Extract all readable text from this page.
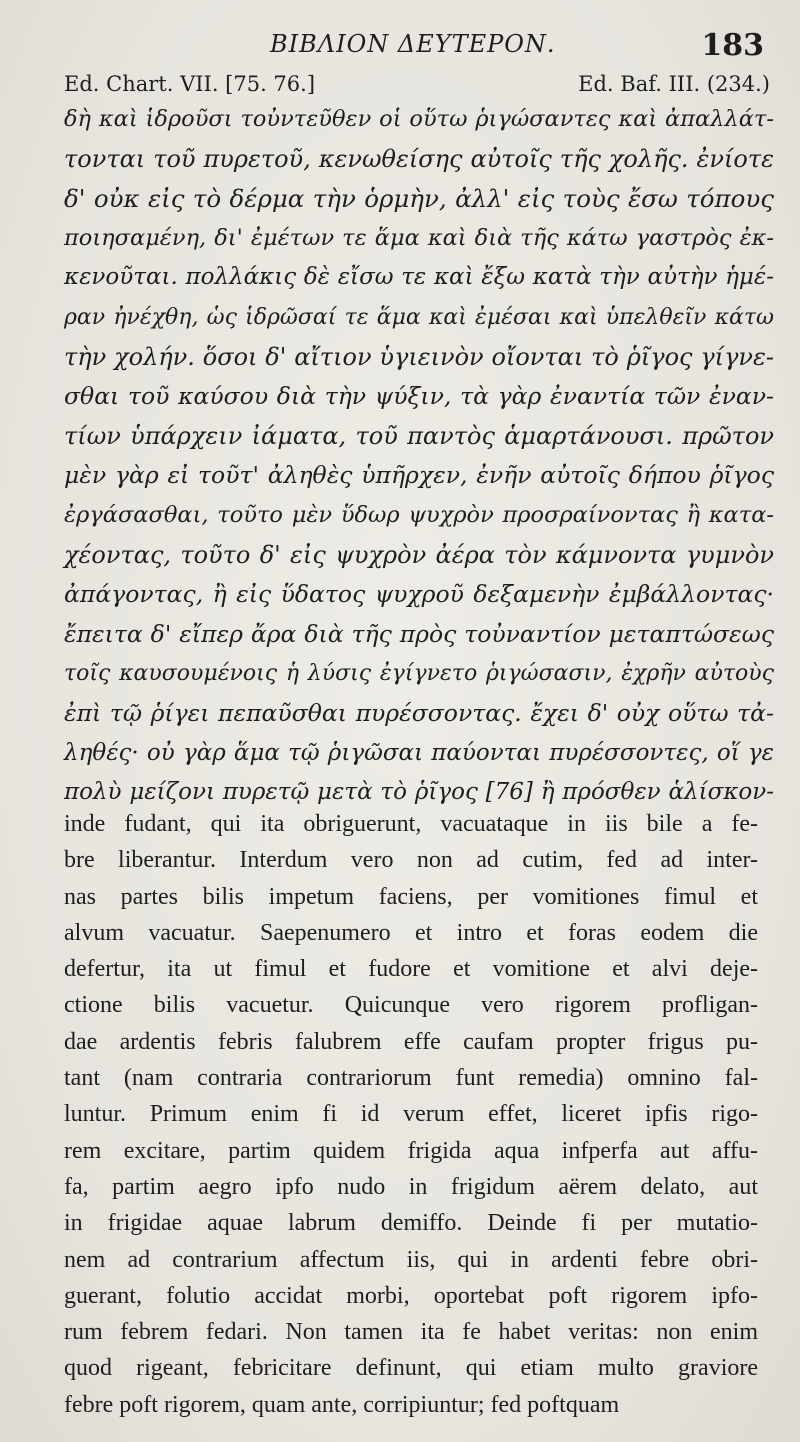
ΒΙΒΛΙΟΝ ΔΕΥΤΕΡΟΝ.	183
Ed. Chart. VII. [75. 76.]	Ed. Baf. III. (234.)
δὴ καὶ ἱδροῦσι τοὐντεῦθεν οἱ οὕτω ῥιγώσαντες καὶ ἀπαλλάτ-
τονται τοῦ πυρετοῦ, κενωθείσης αὐτοῖς τῆς χολῆς. ἐνίοτε
δ' οὐκ εἰς τὸ δέρμα τὴν ὁρμὴν, ἀλλ' εἰς τοὺς ἔσω τόπους
ποιησαμένη, δι' ἐμέτων τε ἅμα καὶ διὰ τῆς κάτω γαστρὸς ἐκ-
κενοῦται. πολλάκις δὲ εἴσω τε καὶ ἔξω κατὰ τὴν αὐτὴν ἡμέ-
ραν ἠνέχθη, ὡς ἱδρῶσαί τε ἅμα καὶ ἐμέσαι καὶ ὑπελθεῖν κάτω
τὴν χολήν. ὅσοι δ' αἴτιον ὑγιεινὸν οἴονται τὸ ῥῖγος γίγνε-
σθαι τοῦ καύσου διὰ τὴν ψύξιν, τὰ γὰρ ἐναντία τῶν ἐναν-
τίων ὑπάρχειν ἰάματα, τοῦ παντὸς ἁμαρτάνουσι. πρῶτον
μὲν γὰρ εἰ τοῦτ' ἀληθὲς ὑπῆρχεν, ἐνῆν αὐτοῖς δήπου ῥῖγος
ἐργάσασθαι, τοῦτο μὲν ὕδωρ ψυχρὸν προσραίνοντας ἢ κατα-
χέοντας, τοῦτο δ' εἰς ψυχρὸν ἀέρα τὸν κάμνοντα γυμνὸν
ἀπάγοντας, ἢ εἰς ὕδατος ψυχροῦ δεξαμενὴν ἐμβάλλοντας·
ἔπειτα δ' εἴπερ ἄρα διὰ τῆς πρὸς τοὐναντίον μεταπτώσεως
τοῖς καυσουμένοις ἡ λύσις ἐγίγνετο ῥιγώσασιν, ἐχρῆν αὐτοὺς
ἐπὶ τῷ ῥίγει πεπαῦσθαι πυρέσσοντας. ἔχει δ' οὐχ οὕτω τἀ-
ληθές· οὐ γὰρ ἅμα τῷ ῥιγῶσαι παύονται πυρέσσοντες, οἵ γε
πολὺ μείζονι πυρετῷ μετὰ τὸ ῥῖγος [76] ἢ πρόσθεν ἁλίσκον-
inde fudant, qui ita obriguerunt, vacuataque in iis bile a fe-
bre liberantur. Interdum vero non ad cutim, fed ad inter-
nas partes bilis impetum faciens, per vomitiones fimul et
alvum vacuatur. Saepenumero et intro et foras eodem die
defertur, ita ut fimul et fudore et vomitione et alvi deje-
ctione bilis vacuetur. Quicunque vero rigorem profligan-
dae ardentis febris falubrem effe caufam propter frigus pu-
tant (nam contraria contrariorum funt remedia) omnino fal-
luntur. Primum enim fi id verum effet, liceret ipfis rigo-
rem excitare, partim quidem frigida aqua infperfa aut affu-
fa, partim aegro ipfo nudo in frigidum aërem delato, aut
in frigidae aquae labrum demiffo. Deinde fi per mutatio-
nem ad contrarium affectum iis, qui in ardenti febre obri-
guerant, folutio accidat morbi, oportebat poft rigorem ipfo-
rum febrem fedari. Non tamen ita fe habet veritas: non enim
quod rigeant, febricitare definunt, qui etiam multo graviore
febre poft rigorem, quam ante, corripiuntur; fed poftquam
